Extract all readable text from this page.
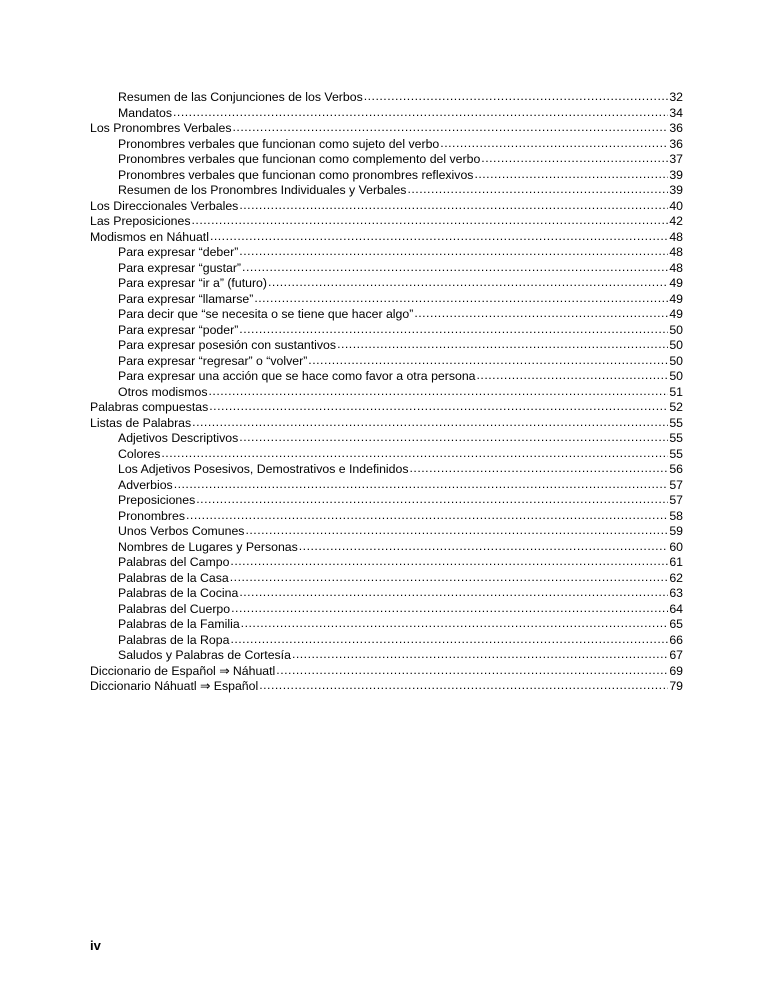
Resumen de las Conjunciones de los Verbos .....	32
Mandatos .....	34
Los Pronombres Verbales .....	36
Pronombres verbales que funcionan como sujeto del verbo .....	36
Pronombres verbales que funcionan como complemento del verbo .....	37
Pronombres verbales que funcionan como pronombres reflexivos .....	39
Resumen de los Pronombres Individuales y Verbales .....	39
Los Direccionales Verbales .....	40
Las Preposiciones .....	42
Modismos en Náhuatl .....	48
Para expresar “deber” .....	48
Para expresar “gustar” .....	48
Para expresar “ir a” (futuro) .....	49
Para expresar “llamarse” .....	49
Para decir que “se necesita o se tiene que hacer algo” .....	49
Para expresar “poder” .....	50
Para expresar posesión con sustantivos .....	50
Para expresar “regresar” o “volver” .....	50
Para expresar una acción que se hace como favor a otra persona .....	50
Otros modismos .....	51
Palabras compuestas .....	52
Listas de Palabras .....	55
Adjetivos Descriptivos .....	55
Colores .....	55
Los Adjetivos Posesivos, Demostrativos e Indefinidos .....	56
Adverbios .....	57
Preposiciones .....	57
Pronombres .....	58
Unos Verbos Comunes .....	59
Nombres de Lugares y Personas .....	60
Palabras del Campo .....	61
Palabras de la Casa .....	62
Palabras de la Cocina .....	63
Palabras del Cuerpo .....	64
Palabras de la Familia .....	65
Palabras de la Ropa .....	66
Saludos y Palabras de Cortesía .....	67
Diccionario de Español ⇒ Náhuatl .....	69
Diccionario Náhuatl ⇒ Español .....	79
iv
